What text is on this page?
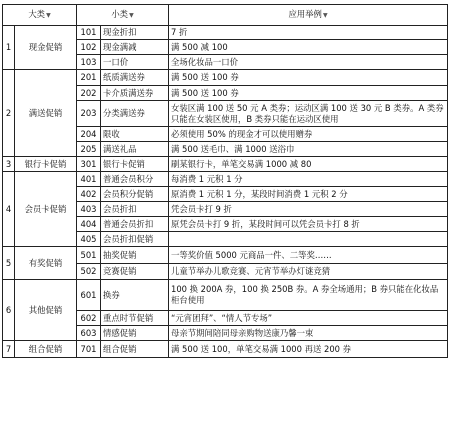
大类▼		小类▼		应用举例▼
1	现金促销	101	现金折扣	7 折
		102	现金满减	满 500 减 100
		103	一口价	全场化妆品一口价
2	满送促销	201	纸质满送券	满 500 送 100 券
		202	卡介质满送券	满 500 送 100 券
		203	分类满送券	女装区满 100 送 50 元 A 类券；运动区满 100 送 30 元 B 类券。A 类券只能在女装区使用，B 类券只能在运动区使用
		204	限收	必须使用 50% 的现金才可以使用赠券
		205	满送礼品	满 500 送毛巾、满 1000 送浴巾
3	银行卡促销	301	银行卡促销	刷某银行卡，单笔交易满 1000 减 80
4	会员卡促销	401	普通会员积分	每消费 1 元积 1 分
		402	会员积分促销	原消费 1 元积 1 分，某段时间消费 1 元积 2 分
		403	会员折扣	凭会员卡打 9 折
		404	普通会员折扣	原凭会员卡打 9 折，某段时间可以凭会员卡打 8 折
		405	会员折扣促销	
5	有奖促销	501	抽奖促销	一等奖价值 5000 元商品一件、二等奖……
		502	竞赛促销	儿童节举办儿歌竞赛、元宵节举办灯谜竞猜
6	其他促销	601	换券	100 换 200A 券，100 换 250B 券。A 券全场通用；B 券只能在化妆品柜台使用
		602	重点时节促销	“元宵团拜”、“情人节专场”
		603	情感促销	母亲节期间陪同母亲购物送康乃馨一束
7	组合促销	701	组合促销	满 500 送 100，单笔交易满 1000 再送 200 券
